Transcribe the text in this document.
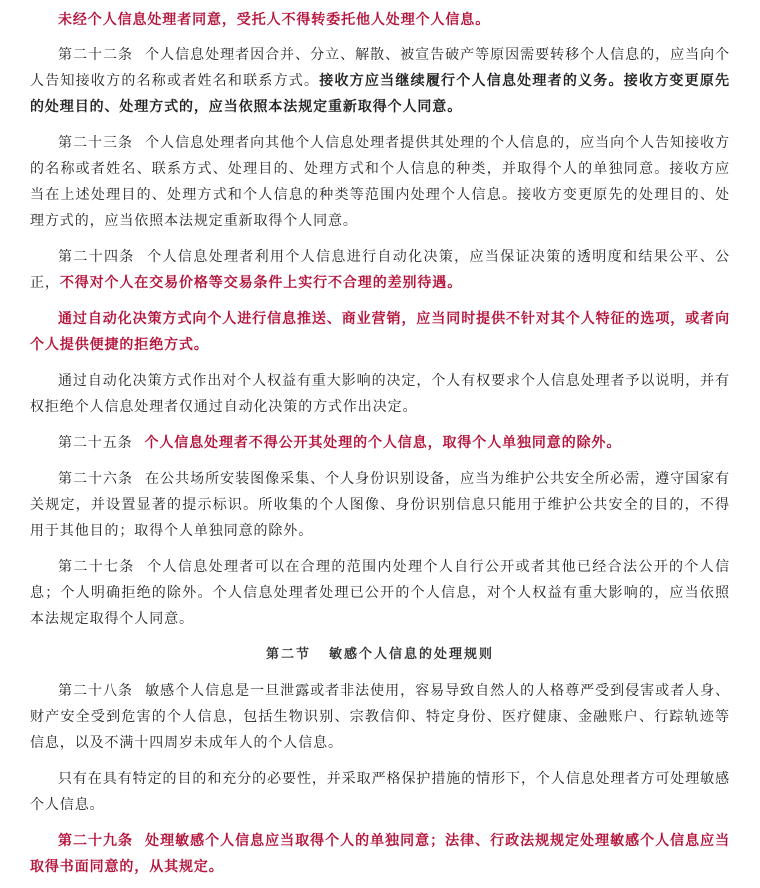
未经个人信息处理者同意，受托人不得转委托他人处理个人信息。

第二十二条 个人信息处理者因合并、分立、解散、被宣告破产等原因需要转移个人信息的，应当向个人告知接收方的名称或者姓名和联系方式。接收方应当继续履行个人信息处理者的义务。接收方变更原先的处理目的、处理方式的，应当依照本法规定重新取得个人同意。

第二十三条 个人信息处理者向其他个人信息处理者提供其处理的个人信息的，应当向个人告知接收方的名称或者姓名、联系方式、处理目的、处理方式和个人信息的种类，并取得个人的单独同意。接收方应当在上述处理目的、处理方式和个人信息的种类等范围内处理个人信息。接收方变更原先的处理目的、处理方式的，应当依照本法规定重新取得个人同意。

第二十四条 个人信息处理者利用个人信息进行自动化决策，应当保证决策的透明度和结果公平、公正，不得对个人在交易价格等交易条件上实行不合理的差别待遇。

通过自动化决策方式向个人进行信息推送、商业营销，应当同时提供不针对其个人特征的选项，或者向个人提供便捷的拒绝方式。

通过自动化决策方式作出对个人权益有重大影响的决定，个人有权要求个人信息处理者予以说明，并有权拒绝个人信息处理者仅通过自动化决策的方式作出决定。

第二十五条 个人信息处理者不得公开其处理的个人信息，取得个人单独同意的除外。

第二十六条 在公共场所安装图像采集、个人身份识别设备，应当为维护公共安全所必需，遵守国家有关规定，并设置显著的提示标识。所收集的个人图像、身份识别信息只能用于维护公共安全的目的，不得用于其他目的；取得个人单独同意的除外。

第二十七条 个人信息处理者可以在合理的范围内处理个人自行公开或者其他已经合法公开的个人信息；个人明确拒绝的除外。个人信息处理者处理已公开的个人信息，对个人权益有重大影响的，应当依照本法规定取得个人同意。

第二节 敏感个人信息的处理规则

第二十八条 敏感个人信息是一旦泄露或者非法使用，容易导致自然人的人格尊严受到侵害或者人身、财产安全受到危害的个人信息，包括生物识别、宗教信仰、特定身份、医疗健康、金融账户、行踪轨迹等信息，以及不满十四周岁未成年人的个人信息。

只有在具有特定的目的和充分的必要性，并采取严格保护措施的情形下，个人信息处理者方可处理敏感个人信息。

第二十九条 处理敏感个人信息应当取得个人的单独同意；法律、行政法规规定处理敏感个人信息应当取得书面同意的，从其规定。
